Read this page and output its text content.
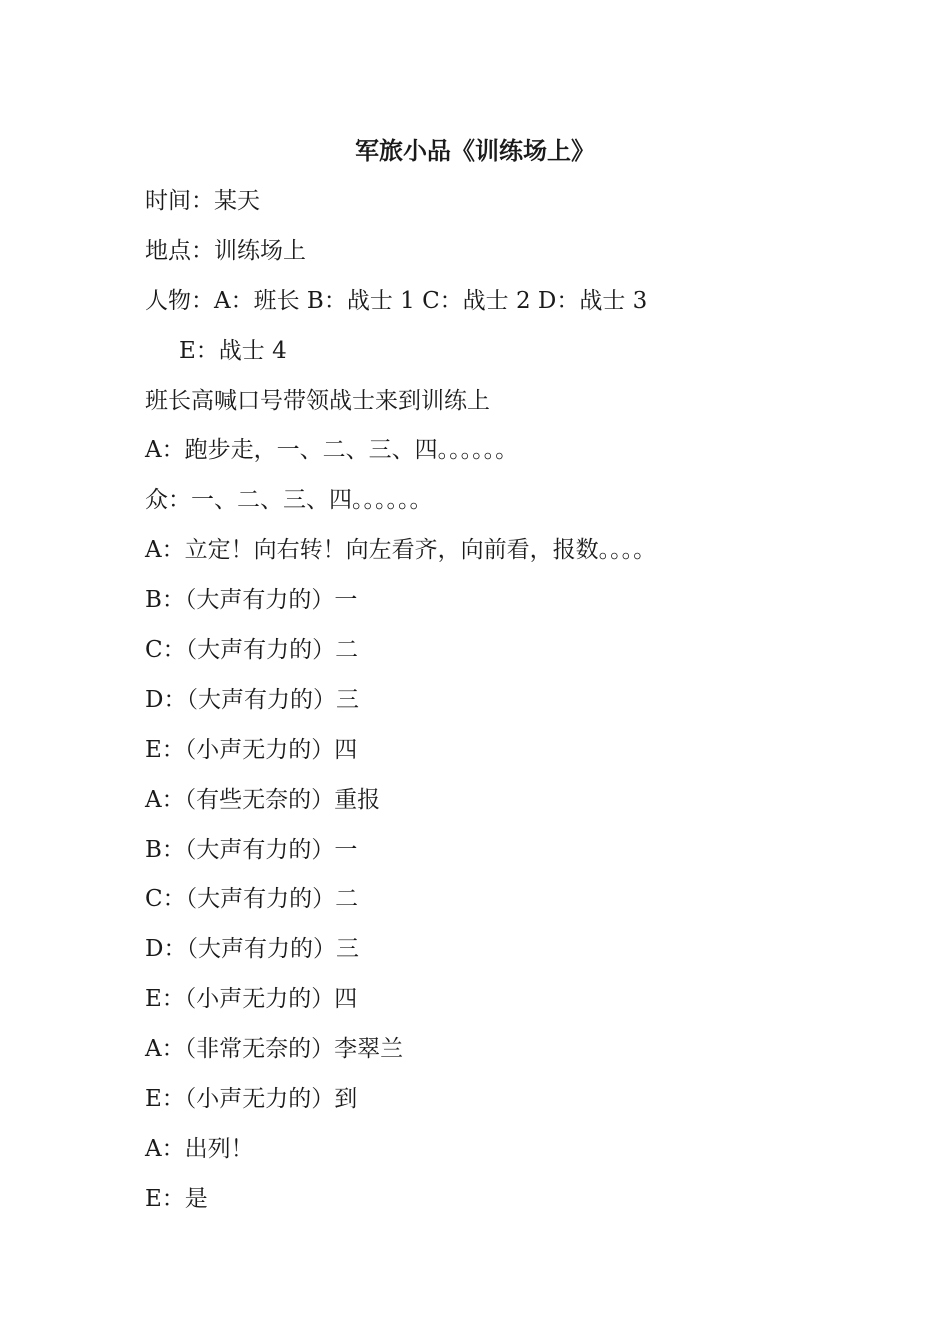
军旅小品《训练场上》

时间：某天

地点：训练场上

人物：A：班长 B：战士 1 C：战士 2 D：战士 3

E：战士 4

班长高喊口号带领战士来到训练上

A：跑步走，一、二、三、四。。。。。。

众：一、二、三、四。。。。。。

A：立定！向右转！向左看齐，向前看，报数。。。。

B：（大声有力的）一

C：（大声有力的）二

D：（大声有力的）三

E：（小声无力的）四

A：（有些无奈的）重报

B：（大声有力的）一

C：（大声有力的）二

D：（大声有力的）三

E：（小声无力的）四

A：（非常无奈的）李翠兰

E：（小声无力的）到

A：出列！

E：是
